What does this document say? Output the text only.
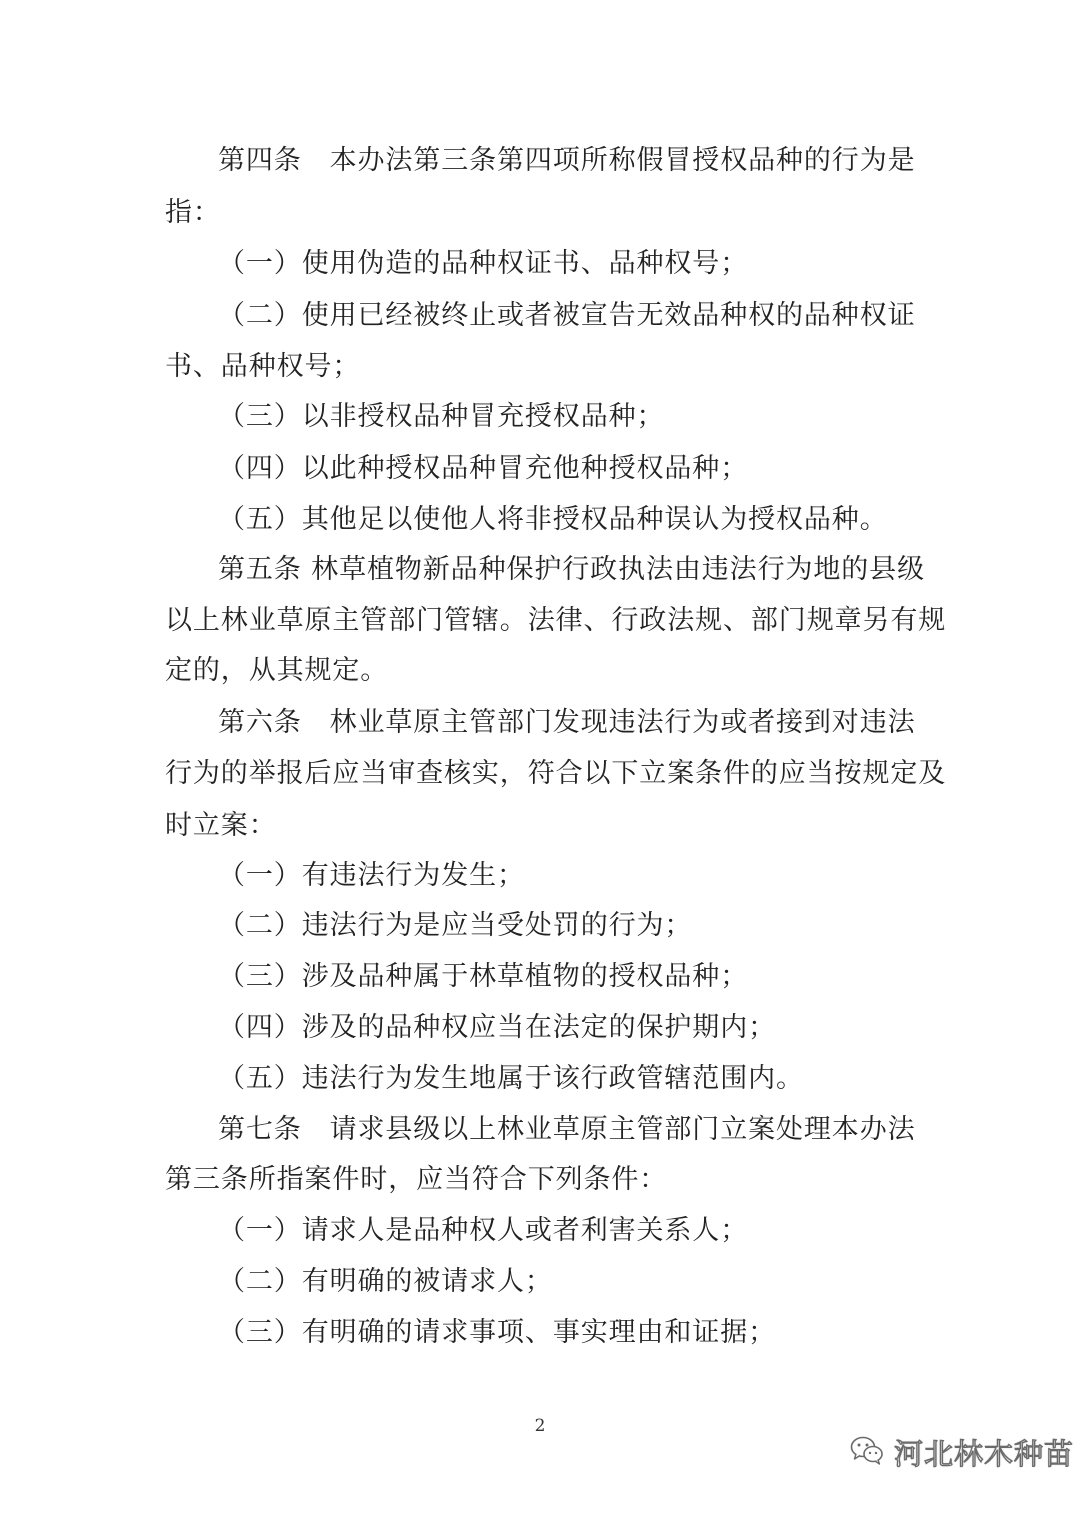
第四条　本办法第三条第四项所称假冒授权品种的行为是
指：
（一）使用伪造的品种权证书、品种权号；
（二）使用已经被终止或者被宣告无效品种权的品种权证
书、品种权号；
（三）以非授权品种冒充授权品种；
（四）以此种授权品种冒充他种授权品种；
（五）其他足以使他人将非授权品种误认为授权品种。
第五条 林草植物新品种保护行政执法由违法行为地的县级
以上林业草原主管部门管辖。法律、行政法规、部门规章另有规
定的，从其规定。
第六条　林业草原主管部门发现违法行为或者接到对违法
行为的举报后应当审查核实，符合以下立案条件的应当按规定及
时立案：
（一）有违法行为发生；
（二）违法行为是应当受处罚的行为；
（三）涉及品种属于林草植物的授权品种；
（四）涉及的品种权应当在法定的保护期内；
（五）违法行为发生地属于该行政管辖范围内。
第七条　请求县级以上林业草原主管部门立案处理本办法
第三条所指案件时，应当符合下列条件：
（一）请求人是品种权人或者利害关系人；
（二）有明确的被请求人；
（三）有明确的请求事项、事实理由和证据；
2
河北林木种苗
